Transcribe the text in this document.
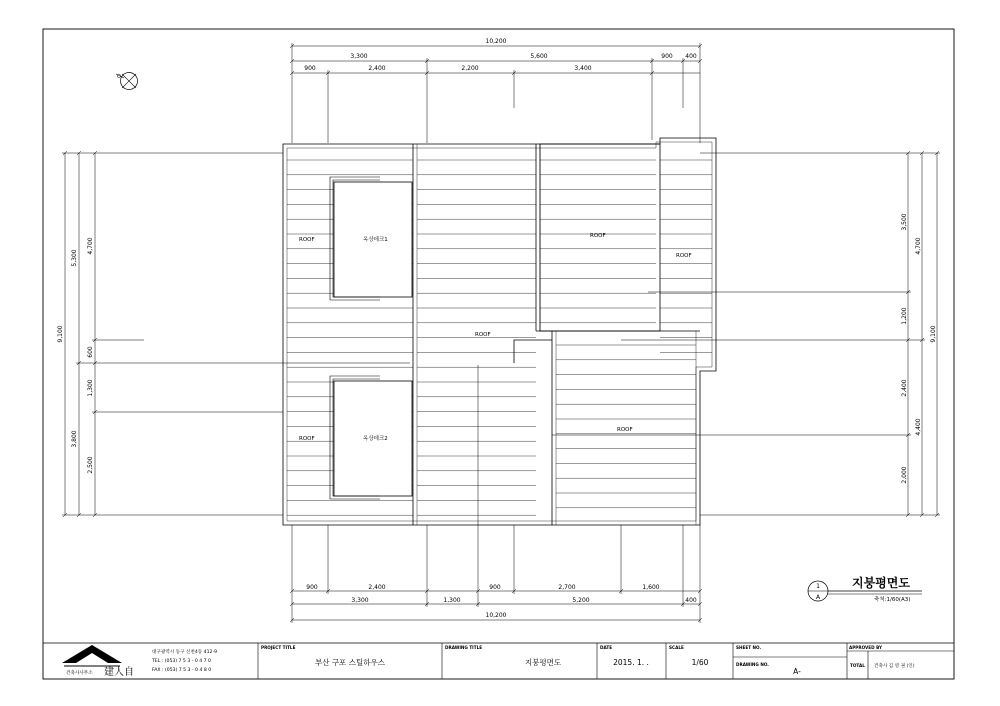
10,200
3,300	5,600	900 400
900	2,400	2,200	3,400
900	2,400	900	2,700	1,600
3,300	1,300	5,200	400
10,200
9,100
5,300
3,800
4,700
600
1,300
2,500
9,100
4,700
4,400
3,500
1,200
2,400
2,000
ROOF
ROOF
ROOF
ROOF
ROOF
ROOF
옥상데크1
옥상데크2
1
A
지붕평면도
축척:1/60(A3)
건축사사무소 建人自
대구광역시 동구 신천4동 412-9
TEL : (053) 7 5 3 - 0 4 7 0
FAX : (053) 7 5 3 - 0 4 8 0
PROJECT TITLE
부산 구포 스틸하우스
DRAWING TITLE
지붕평면도
DATE
2015. 1. .
SCALE
1/60
SHEET NO.
DRAWING NO.
A-
APPROVED BY
TOTAL 건축사 김 영 권 (인)
